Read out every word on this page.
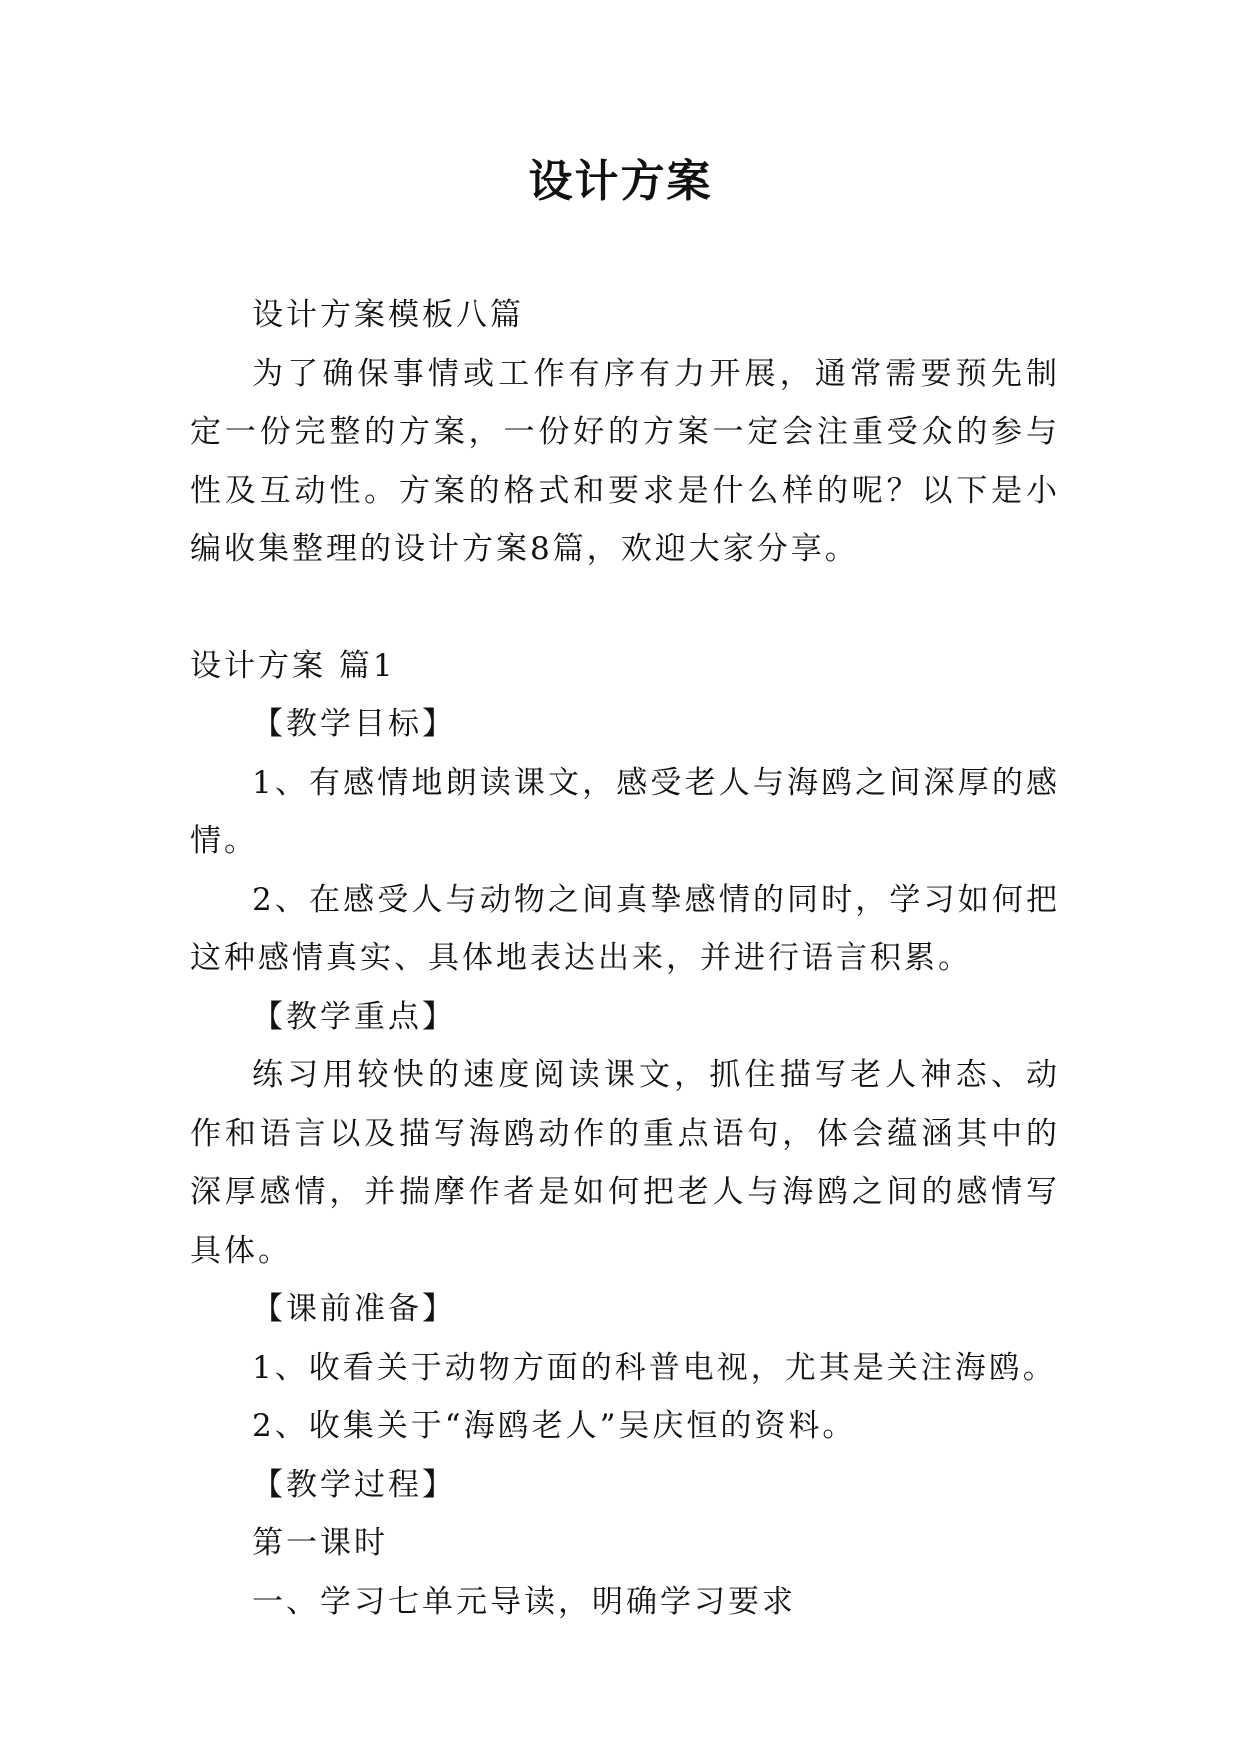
设计方案

设计方案模板八篇

为了确保事情或工作有序有力开展，通常需要预先制定一份完整的方案，一份好的方案一定会注重受众的参与性及互动性。方案的格式和要求是什么样的呢？以下是小编收集整理的设计方案8篇，欢迎大家分享。

设计方案 篇1

【教学目标】

1、有感情地朗读课文，感受老人与海鸥之间深厚的感情。

2、在感受人与动物之间真挚感情的同时，学习如何把这种感情真实、具体地表达出来，并进行语言积累。

【教学重点】

练习用较快的速度阅读课文，抓住描写老人神态、动作和语言以及描写海鸥动作的重点语句，体会蕴涵其中的深厚感情，并揣摩作者是如何把老人与海鸥之间的感情写具体。

【课前准备】

1、收看关于动物方面的科普电视，尤其是关注海鸥。

2、收集关于“海鸥老人”吴庆恒的资料。

【教学过程】

第一课时

一、学习七单元导读，明确学习要求
